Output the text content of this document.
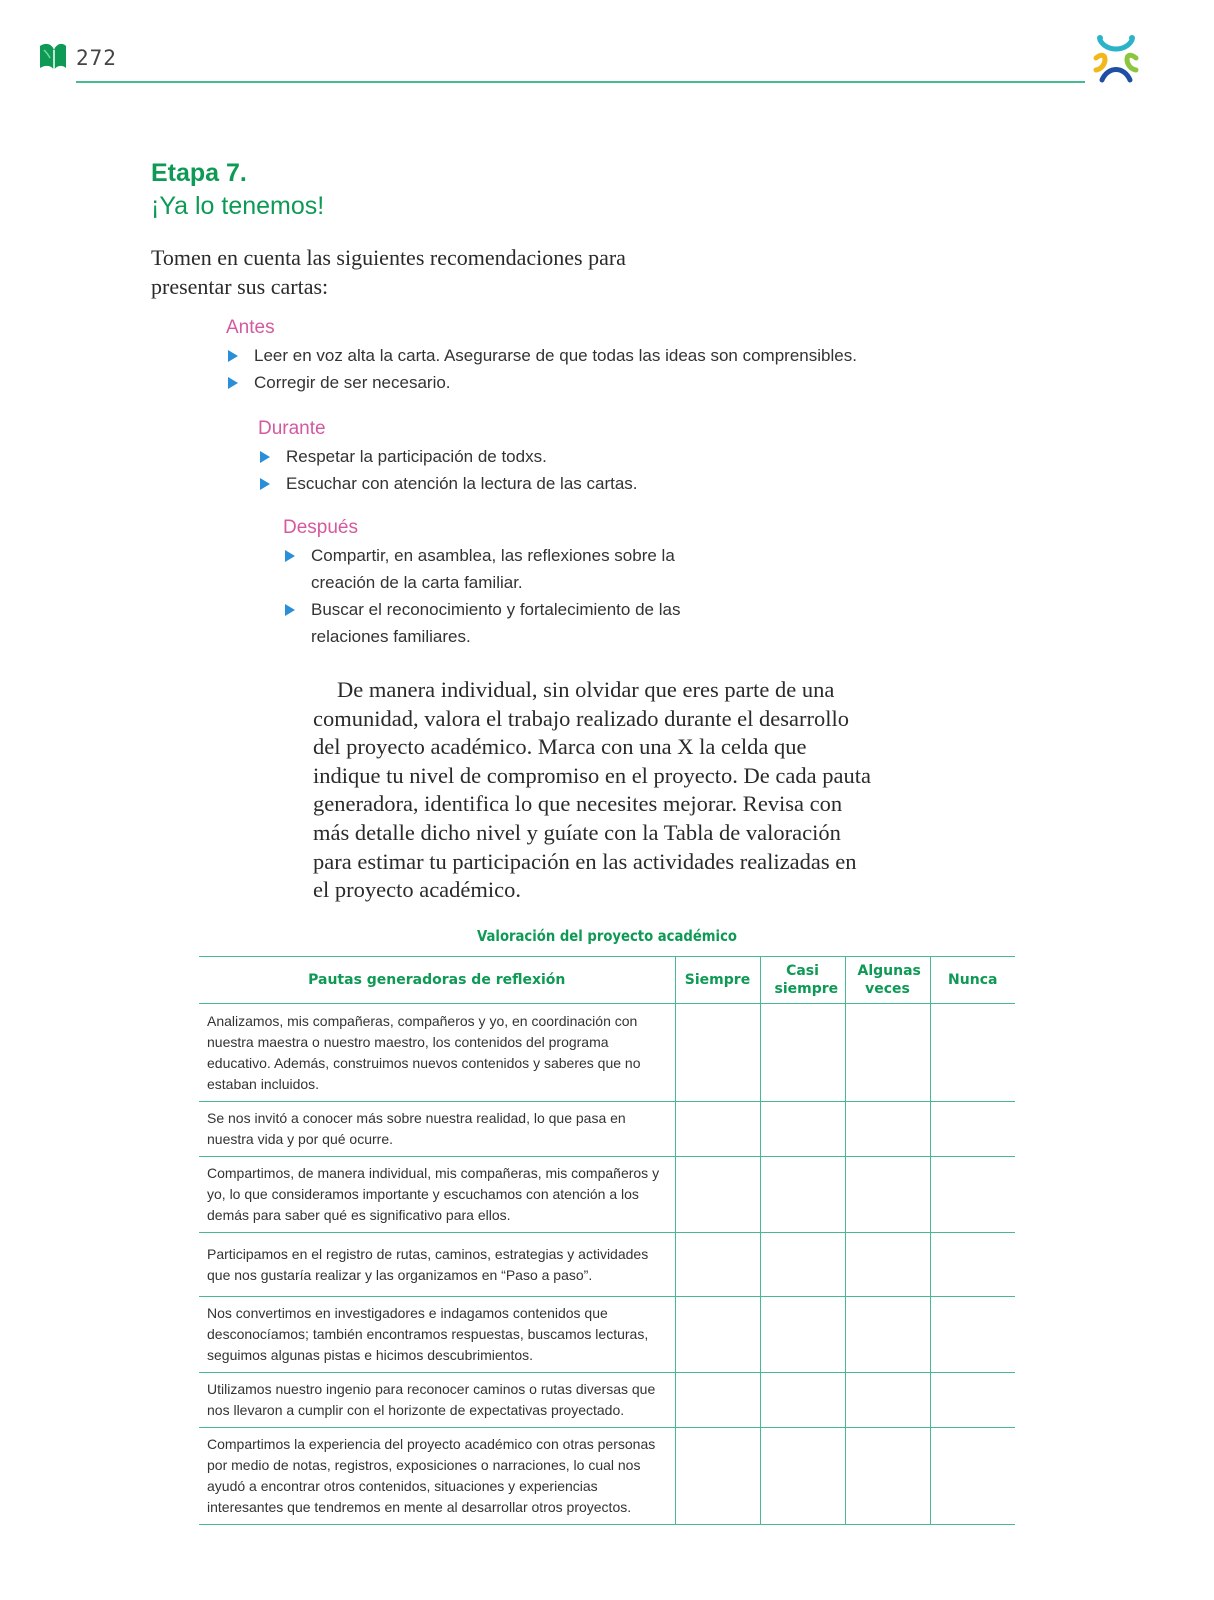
272
Etapa 7.
¡Ya lo tenemos!
Tomen en cuenta las siguientes recomendaciones para presentar sus cartas:
Antes
Leer en voz alta la carta. Asegurarse de que todas las ideas son comprensibles.
Corregir de ser necesario.
Durante
Respetar la participación de todxs.
Escuchar con atención la lectura de las cartas.
Después
Compartir, en asamblea, las reflexiones sobre la creación de la carta familiar.
Buscar el reconocimiento y fortalecimiento de las relaciones familiares.
De manera individual, sin olvidar que eres parte de una comunidad, valora el trabajo realizado durante el desarrollo del proyecto académico. Marca con una X la celda que indique tu nivel de compromiso en el proyecto. De cada pauta generadora, identifica lo que necesites mejorar. Revisa con más detalle dicho nivel y guíate con la Tabla de valoración para estimar tu participación en las actividades realizadas en el proyecto académico.
Valoración del proyecto académico
Pautas generadoras de reflexión	Siempre	Casi siempre	Algunas veces	Nunca
Analizamos, mis compañeras, compañeros y yo, en coordinación con nuestra maestra o nuestro maestro, los contenidos del programa educativo. Además, construimos nuevos contenidos y saberes que no estaban incluidos.				
Se nos invitó a conocer más sobre nuestra realidad, lo que pasa en nuestra vida y por qué ocurre.				
Compartimos, de manera individual, mis compañeras, mis compañeros y yo, lo que consideramos importante y escuchamos con atención a los demás para saber qué es significativo para ellos.				
Participamos en el registro de rutas, caminos, estrategias y actividades que nos gustaría realizar y las organizamos en “Paso a paso”.				
Nos convertimos en investigadores e indagamos contenidos que desconocíamos; también encontramos respuestas, buscamos lecturas, seguimos algunas pistas e hicimos descubrimientos.				
Utilizamos nuestro ingenio para reconocer caminos o rutas diversas que nos llevaron a cumplir con el horizonte de expectativas proyectado.				
Compartimos la experiencia del proyecto académico con otras personas por medio de notas, registros, exposiciones o narraciones, lo cual nos ayudó a encontrar otros contenidos, situaciones y experiencias interesantes que tendremos en mente al desarrollar otros proyectos.				
